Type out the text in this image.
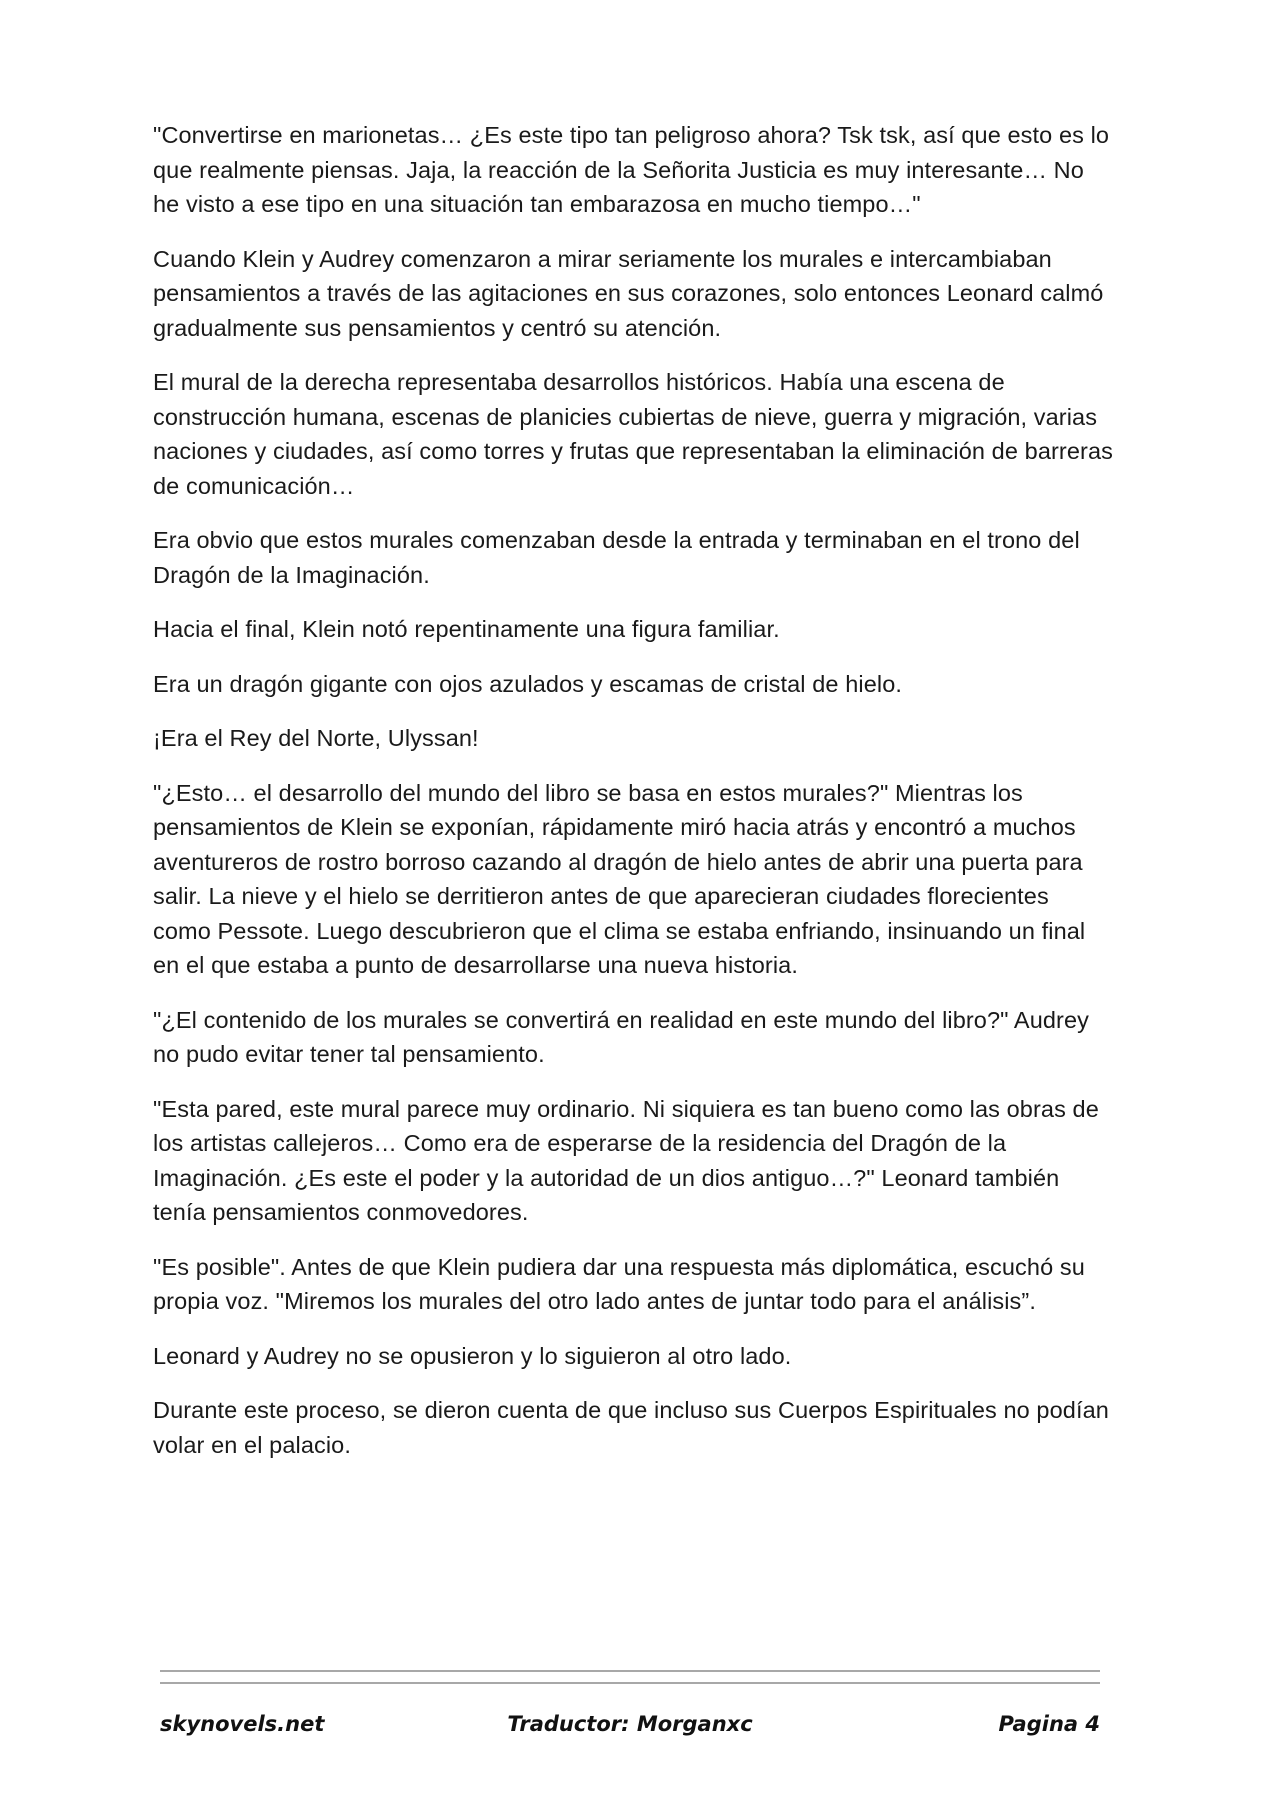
"Convertirse en marionetas… ¿Es este tipo tan peligroso ahora? Tsk tsk, así que esto es lo que realmente piensas. Jaja, la reacción de la Señorita Justicia es muy interesante… No he visto a ese tipo en una situación tan embarazosa en mucho tiempo…"

Cuando Klein y Audrey comenzaron a mirar seriamente los murales e intercambiaban pensamientos a través de las agitaciones en sus corazones, solo entonces Leonard calmó gradualmente sus pensamientos y centró su atención.

El mural de la derecha representaba desarrollos históricos. Había una escena de construcción humana, escenas de planicies cubiertas de nieve, guerra y migración, varias naciones y ciudades, así como torres y frutas que representaban la eliminación de barreras de comunicación…

Era obvio que estos murales comenzaban desde la entrada y terminaban en el trono del Dragón de la Imaginación.

Hacia el final, Klein notó repentinamente una figura familiar.

Era un dragón gigante con ojos azulados y escamas de cristal de hielo.

¡Era el Rey del Norte, Ulyssan!

"¿Esto… el desarrollo del mundo del libro se basa en estos murales?" Mientras los pensamientos de Klein se exponían, rápidamente miró hacia atrás y encontró a muchos aventureros de rostro borroso cazando al dragón de hielo antes de abrir una puerta para salir. La nieve y el hielo se derritieron antes de que aparecieran ciudades florecientes como Pessote. Luego descubrieron que el clima se estaba enfriando, insinuando un final en el que estaba a punto de desarrollarse una nueva historia.

"¿El contenido de los murales se convertirá en realidad en este mundo del libro?" Audrey no pudo evitar tener tal pensamiento.

"Esta pared, este mural parece muy ordinario. Ni siquiera es tan bueno como las obras de los artistas callejeros… Como era de esperarse de la residencia del Dragón de la Imaginación. ¿Es este el poder y la autoridad de un dios antiguo…?" Leonard también tenía pensamientos conmovedores.

"Es posible". Antes de que Klein pudiera dar una respuesta más diplomática, escuchó su propia voz. "Miremos los murales del otro lado antes de juntar todo para el análisis”.

Leonard y Audrey no se opusieron y lo siguieron al otro lado.

Durante este proceso, se dieron cuenta de que incluso sus Cuerpos Espirituales no podían volar en el palacio.

skynovels.net	Traductor: Morganxc	Pagina 4
